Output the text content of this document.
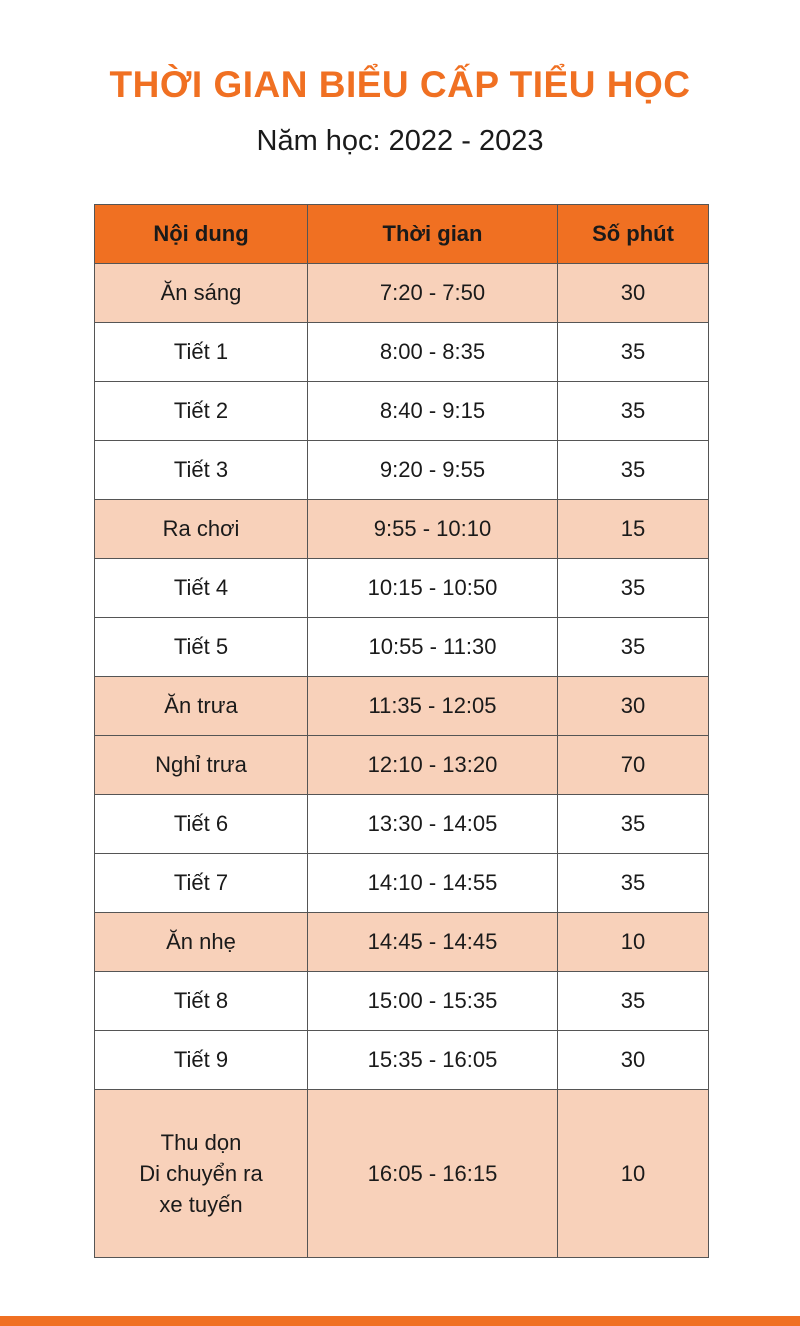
THỜI GIAN BIỂU CẤP TIỂU HỌC
Năm học: 2022 - 2023
Nội dung	Thời gian	Số phút
Ăn sáng	7:20 - 7:50	30
Tiết 1	8:00 - 8:35	35
Tiết 2	8:40 - 9:15	35
Tiết 3	9:20 - 9:55	35
Ra chơi	9:55 - 10:10	15
Tiết 4	10:15 - 10:50	35
Tiết 5	10:55 - 11:30	35
Ăn trưa	11:35 - 12:05	30
Nghỉ trưa	12:10 - 13:20	70
Tiết 6	13:30 - 14:05	35
Tiết 7	14:10 - 14:55	35
Ăn nhẹ	14:45 - 14:45	10
Tiết 8	15:00 - 15:35	35
Tiết 9	15:35 - 16:05	30

Thu dọn
Di chuyển ra
xe tuyến	16:05 - 16:15	10
